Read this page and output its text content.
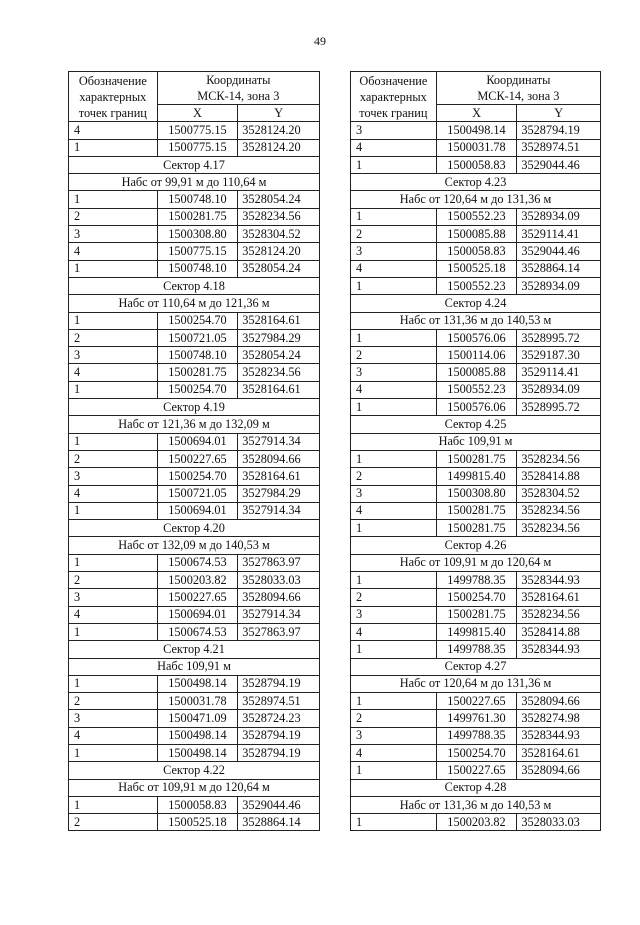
49
Обозначение
характерных
точек границ	Координаты
МСК-14, зона 3	

	X	Y
4	1500775.15	3528124.20
1	1500775.15	3528124.20
Сектор 4.17		
Набс от 99,91 м до 110,64 м		
1	1500748.10	3528054.24
2	1500281.75	3528234.56
3	1500308.80	3528304.52
4	1500775.15	3528124.20
1	1500748.10	3528054.24
Сектор 4.18		
Набс от 110,64 м до 121,36 м		
1	1500254.70	3528164.61
2	1500721.05	3527984.29
3	1500748.10	3528054.24
4	1500281.75	3528234.56
1	1500254.70	3528164.61
Сектор 4.19		
Набс от 121,36 м до 132,09 м		
1	1500694.01	3527914.34
2	1500227.65	3528094.66
3	1500254.70	3528164.61
4	1500721.05	3527984.29
1	1500694.01	3527914.34
Сектор 4.20		
Набс от 132,09 м до 140,53 м		
1	1500674.53	3527863.97
2	1500203.82	3528033.03
3	1500227.65	3528094.66
4	1500694.01	3527914.34
1	1500674.53	3527863.97
Сектор 4.21		
Набс 109,91 м		
1	1500498.14	3528794.19
2	1500031.78	3528974.51
3	1500471.09	3528724.23
4	1500498.14	3528794.19
1	1500498.14	3528794.19
Сектор 4.22		
Набс от 109,91 м до 120,64 м		
1	1500058.83	3529044.46
2	1500525.18	3528864.14
Обозначение
характерных
точек границ	Координаты
МСК-14, зона 3	

	X	Y
3	1500498.14	3528794.19
4	1500031.78	3528974.51
1	1500058.83	3529044.46
Сектор 4.23		
Набс от 120,64 м до 131,36 м		
1	1500552.23	3528934.09
2	1500085.88	3529114.41
3	1500058.83	3529044.46
4	1500525.18	3528864.14
1	1500552.23	3528934.09
Сектор 4.24		
Набс от 131,36 м до 140,53 м		
1	1500576.06	3528995.72
2	1500114.06	3529187.30
3	1500085.88	3529114.41
4	1500552.23	3528934.09
1	1500576.06	3528995.72
Сектор 4.25		
Набс 109,91 м		
1	1500281.75	3528234.56
2	1499815.40	3528414.88
3	1500308.80	3528304.52
4	1500281.75	3528234.56
1	1500281.75	3528234.56
Сектор 4.26		
Набс от 109,91 м до 120,64 м		
1	1499788.35	3528344.93
2	1500254.70	3528164.61
3	1500281.75	3528234.56
4	1499815.40	3528414.88
1	1499788.35	3528344.93
Сектор 4.27		
Набс от 120,64 м до 131,36 м		
1	1500227.65	3528094.66
2	1499761.30	3528274.98
3	1499788.35	3528344.93
4	1500254.70	3528164.61
1	1500227.65	3528094.66
Сектор 4.28		
Набс от 131,36 м до 140,53 м		
1	1500203.82	3528033.03
